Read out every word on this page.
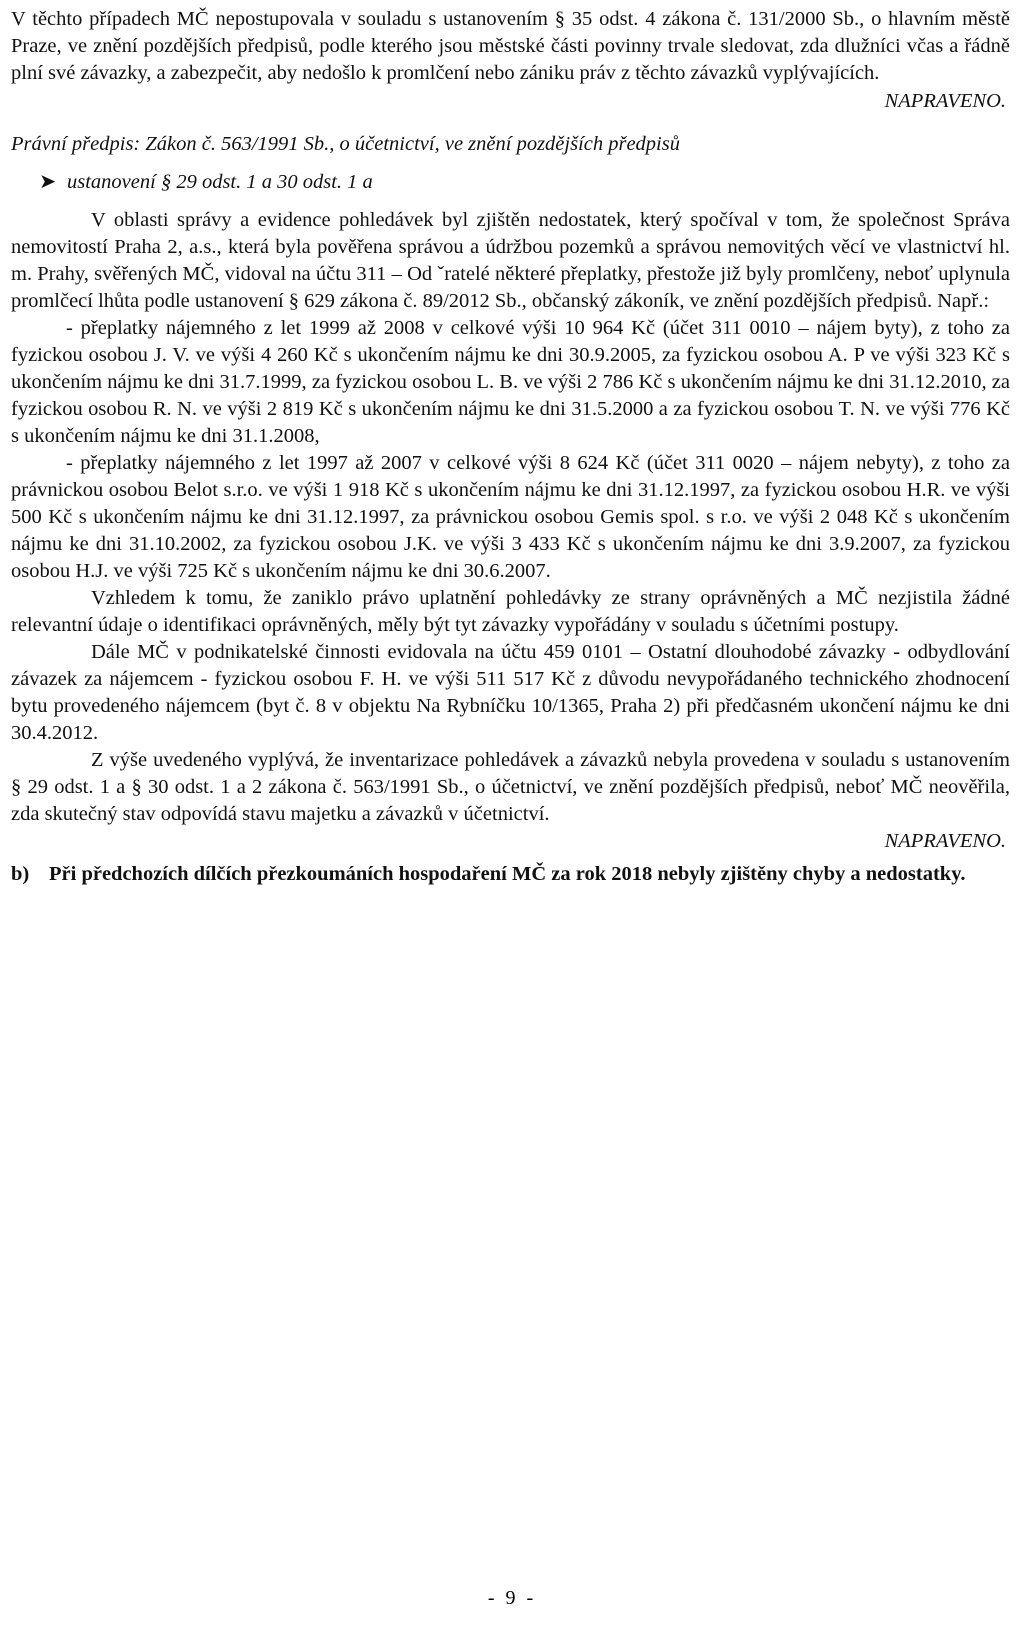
V těchto případech MČ nepostupovala v souladu s ustanovením § 35 odst. 4 zákona č. 131/2000 Sb., o hlavním městě Praze, ve znění pozdějších předpisů, podle kterého jsou městské části povinny trvale sledovat, zda dlužníci včas a řádně plní své závazky, a zabezpečit, aby nedošlo k promlčení nebo zániku práv z těchto závazků vyplývajících.

NAPRAVENO.

Právní předpis: Zákon č. 563/1991 Sb., o účetnictví, ve znění pozdějších předpisů

➤ ustanovení § 29 odst. 1 a 30 odst. 1 a

V oblasti správy a evidence pohledávek byl zjištěn nedostatek, který spočíval v tom, že společnost Správa nemovitostí Praha 2, a.s., která byla pověřena správou a údržbou pozemků a správou nemovitých věcí ve vlastnictví hl. m. Prahy, svěřených MČ, vidoval na účtu 311 – Od ˇratelé některé přeplatky, přestože již byly promlčeny, neboť uplynula promlčecí lhůta podle ustanovení § 629 zákona č. 89/2012 Sb., občanský zákoník, ve znění pozdějších předpisů. Např.:

- přeplatky nájemného z let 1999 až 2008 v celkové výši 10 964 Kč (účet 311 0010 – nájem byty), z toho za fyzickou osobou J. V. ve výši 4 260 Kč s ukončením nájmu ke dni 30.9.2005, za fyzickou osobou A. P ve výši 323 Kč s ukončením nájmu ke dni 31.7.1999, za fyzickou osobou L. B. ve výši 2 786 Kč s ukončením nájmu ke dni 31.12.2010, za fyzickou osobou R. N. ve výši 2 819 Kč s ukončením nájmu ke dni 31.5.2000 a za fyzickou osobou T. N. ve výši 776 Kč s ukončením nájmu ke dni 31.1.2008,

- přeplatky nájemného z let 1997 až 2007 v celkové výši 8 624 Kč (účet 311 0020 – nájem nebyty), z toho za právnickou osobou Belot s.r.o. ve výši 1 918 Kč s ukončením nájmu ke dni 31.12.1997, za fyzickou osobou H.R. ve výši 500 Kč s ukončením nájmu ke dni 31.12.1997, za právnickou osobou Gemis spol. s r.o. ve výši 2 048 Kč s ukončením nájmu ke dni 31.10.2002, za fyzickou osobou J.K. ve výši 3 433 Kč s ukončením nájmu ke dni 3.9.2007, za fyzickou osobou H.J. ve výši 725 Kč s ukončením nájmu ke dni 30.6.2007.

Vzhledem k tomu, že zaniklo právo uplatnění pohledávky ze strany oprávněných a MČ nezjistila žádné relevantní údaje o identifikaci oprávněných, měly být tyt závazky vypořádány v souladu s účetními postupy.

Dále MČ v podnikatelské činnosti evidovala na účtu 459 0101 – Ostatní dlouhodobé závazky - odbydlování závazek za nájemcem - fyzickou osobou F. H. ve výši 511 517 Kč z důvodu nevypořádaného technického zhodnocení bytu provedeného nájemcem (byt č. 8 v objektu Na Rybníčku 10/1365, Praha 2) při předčasném ukončení nájmu ke dni 30.4.2012.

Z výše uvedeného vyplývá, že inventarizace pohledávek a závazků nebyla provedena v souladu s ustanovením § 29 odst. 1 a § 30 odst. 1 a 2 zákona č. 563/1991 Sb., o účetnictví, ve znění pozdějších předpisů, neboť MČ neověřila, zda skutečný stav odpovídá stavu majetku a závazků v účetnictví.

NAPRAVENO.

b) Při předchozích dílčích přezkoumáních hospodaření MČ za rok 2018 nebyly zjištěny chyby a nedostatky.
- 9 -
